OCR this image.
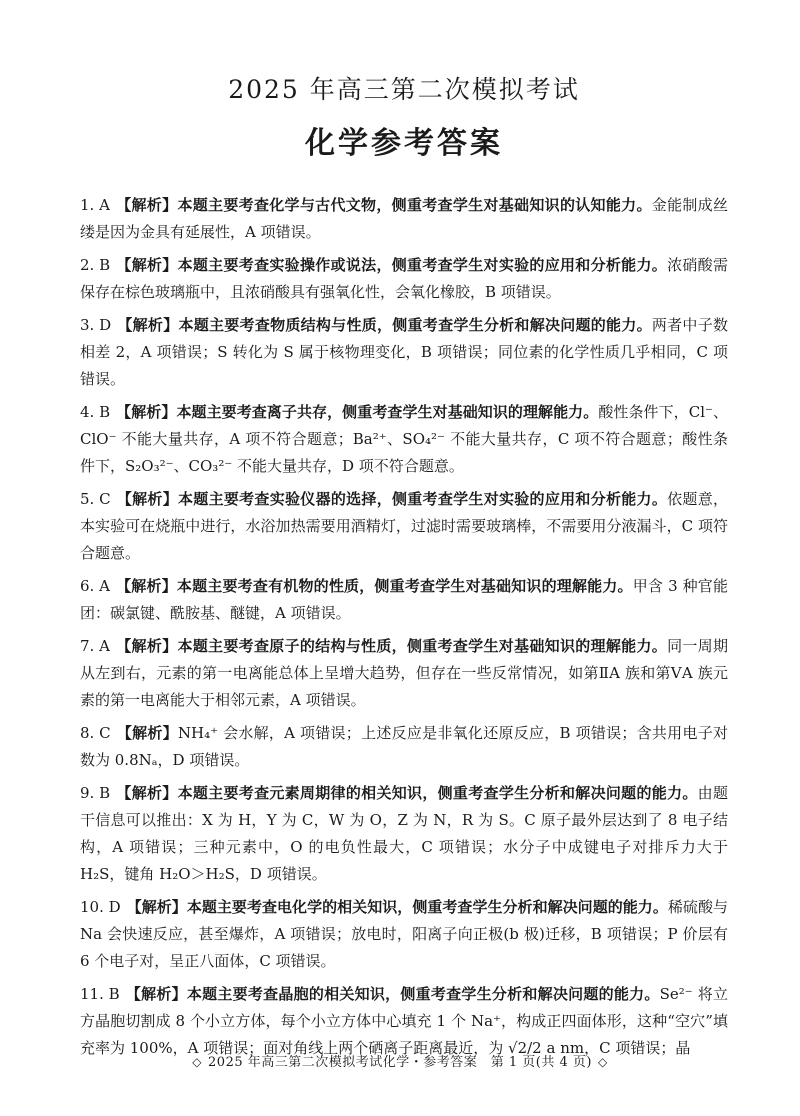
2025 年高三第二次模拟考试
化学参考答案
1. A 【解析】本题主要考查化学与古代文物，侧重考查学生对基础知识的认知能力。金能制成丝缕是因为金具有延展性，A 项错误。
2. B 【解析】本题主要考查实验操作或说法，侧重考查学生对实验的应用和分析能力。浓硝酸需保存在棕色玻璃瓶中，且浓硝酸具有强氧化性，会氧化橡胶，B 项错误。
3. D 【解析】本题主要考查物质结构与性质，侧重考查学生分析和解决问题的能力。两者中子数相差 2，A 项错误；S 转化为 S 属于核物理变化，B 项错误；同位素的化学性质几乎相同，C 项错误。
4. B 【解析】本题主要考查离子共存，侧重考查学生对基础知识的理解能力。酸性条件下，Cl⁻、ClO⁻ 不能大量共存，A 项不符合题意；Ba²⁺、SO₄²⁻ 不能大量共存，C 项不符合题意；酸性条件下，S₂O₃²⁻、CO₃²⁻ 不能大量共存，D 项不符合题意。
5. C 【解析】本题主要考查实验仪器的选择，侧重考查学生对实验的应用和分析能力。依题意，本实验可在烧瓶中进行，水浴加热需要用酒精灯，过滤时需要玻璃棒，不需要用分液漏斗，C 项符合题意。
6. A 【解析】本题主要考查有机物的性质，侧重考查学生对基础知识的理解能力。甲含 3 种官能团：碳氯键、酰胺基、醚键，A 项错误。
7. A 【解析】本题主要考查原子的结构与性质，侧重考查学生对基础知识的理解能力。同一周期从左到右，元素的第一电离能总体上呈增大趋势，但存在一些反常情况，如第ⅡA 族和第ⅤA 族元素的第一电离能大于相邻元素，A 项错误。
8. C 【解析】NH₄⁺ 会水解，A 项错误；上述反应是非氧化还原反应，B 项错误；含共用电子对数为 0.8Nₐ，D 项错误。
9. B 【解析】本题主要考查元素周期律的相关知识，侧重考查学生分析和解决问题的能力。由题干信息可以推出：X 为 H，Y 为 C，W 为 O，Z 为 N，R 为 S。C 原子最外层达到了 8 电子结构，A 项错误；三种元素中，O 的电负性最大，C 项错误；水分子中成键电子对排斥力大于 H₂S，键角 H₂O＞H₂S，D 项错误。
10. D 【解析】本题主要考查电化学的相关知识，侧重考查学生分析和解决问题的能力。稀硫酸与 Na 会快速反应，甚至爆炸，A 项错误；放电时，阳离子向正极(b 极)迁移，B 项错误；P 价层有 6 个电子对，呈正八面体，C 项错误。
11. B 【解析】本题主要考查晶胞的相关知识，侧重考查学生分析和解决问题的能力。Se²⁻ 将立方晶胞切割成 8 个小立方体，每个小立方体中心填充 1 个 Na⁺，构成正四面体形，这种“空穴”填充率为 100%，A 项错误；面对角线上两个硒离子距离最近，为 √2/2 a nm，C 项错误；晶
◇ 2025 年高三第二次模拟考试化学・参考答案　第 1 页(共 4 页) ◇
